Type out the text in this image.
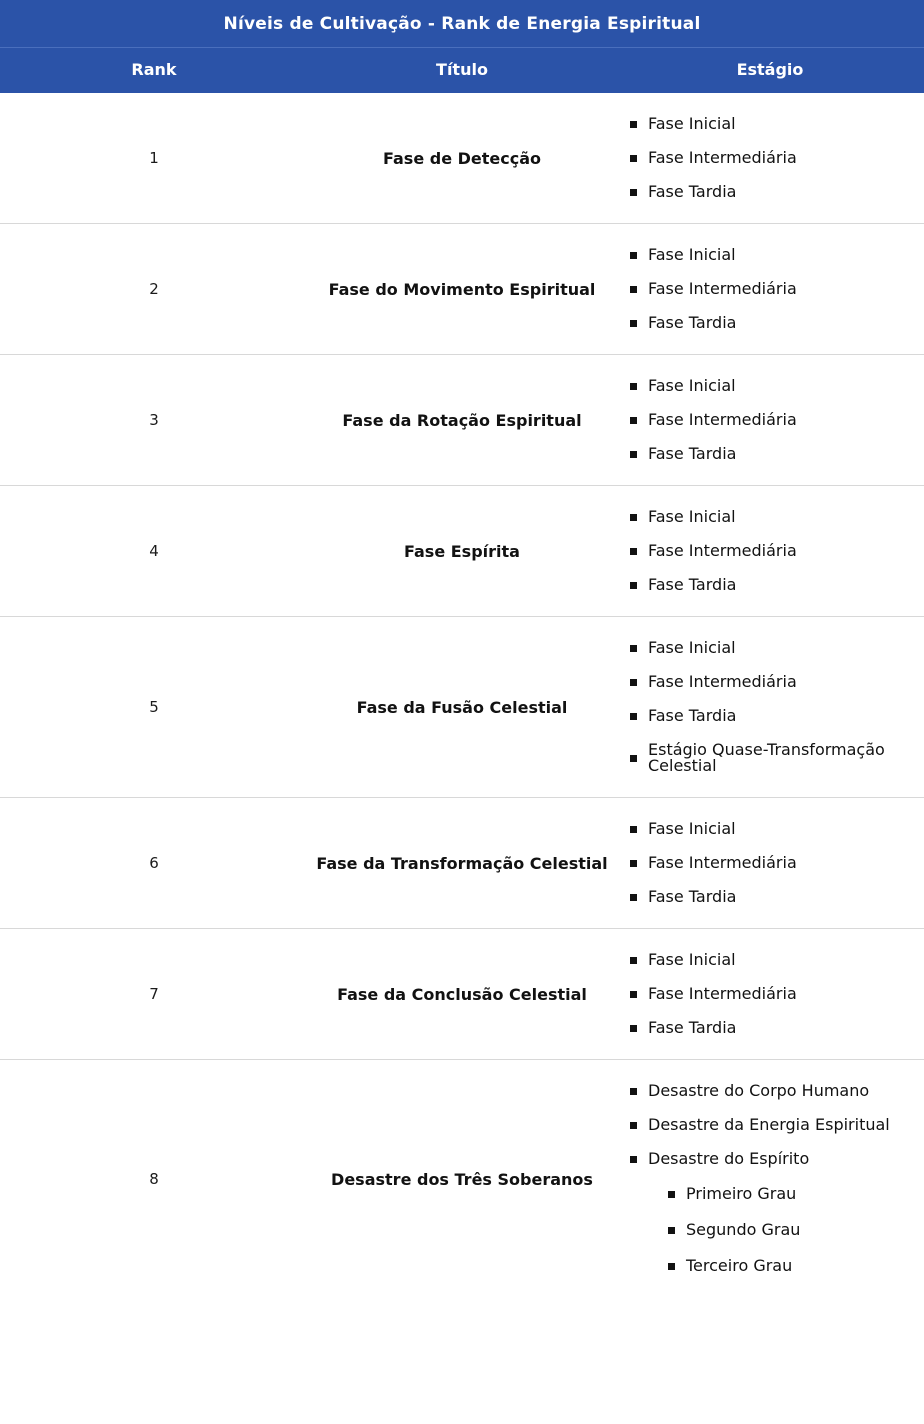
Níveis de Cultivação - Rank de Energia Espiritual		
Rank	Título	Estágio
1	Fase de Detecção	
Fase Inicial
Fase Intermediária
Fase Tardia

2	Fase do Movimento Espiritual	
Fase Inicial
Fase Intermediária
Fase Tardia

3	Fase da Rotação Espiritual	
Fase Inicial
Fase Intermediária
Fase Tardia

4	Fase Espírita	
Fase Inicial
Fase Intermediária
Fase Tardia

5	Fase da Fusão Celestial	
Fase Inicial
Fase Intermediária
Fase Tardia
Estágio Quase-Transformação Celestial

6	Fase da Transformação Celestial	
Fase Inicial
Fase Intermediária
Fase Tardia

7	Fase da Conclusão Celestial	
Fase Inicial
Fase Intermediária
Fase Tardia

8	Desastre dos Três Soberanos	
Desastre do Corpo Humano
Desastre da Energia Espiritual
Desastre do Espírito
Primeiro Grau
Segundo Grau
Terceiro Grau
